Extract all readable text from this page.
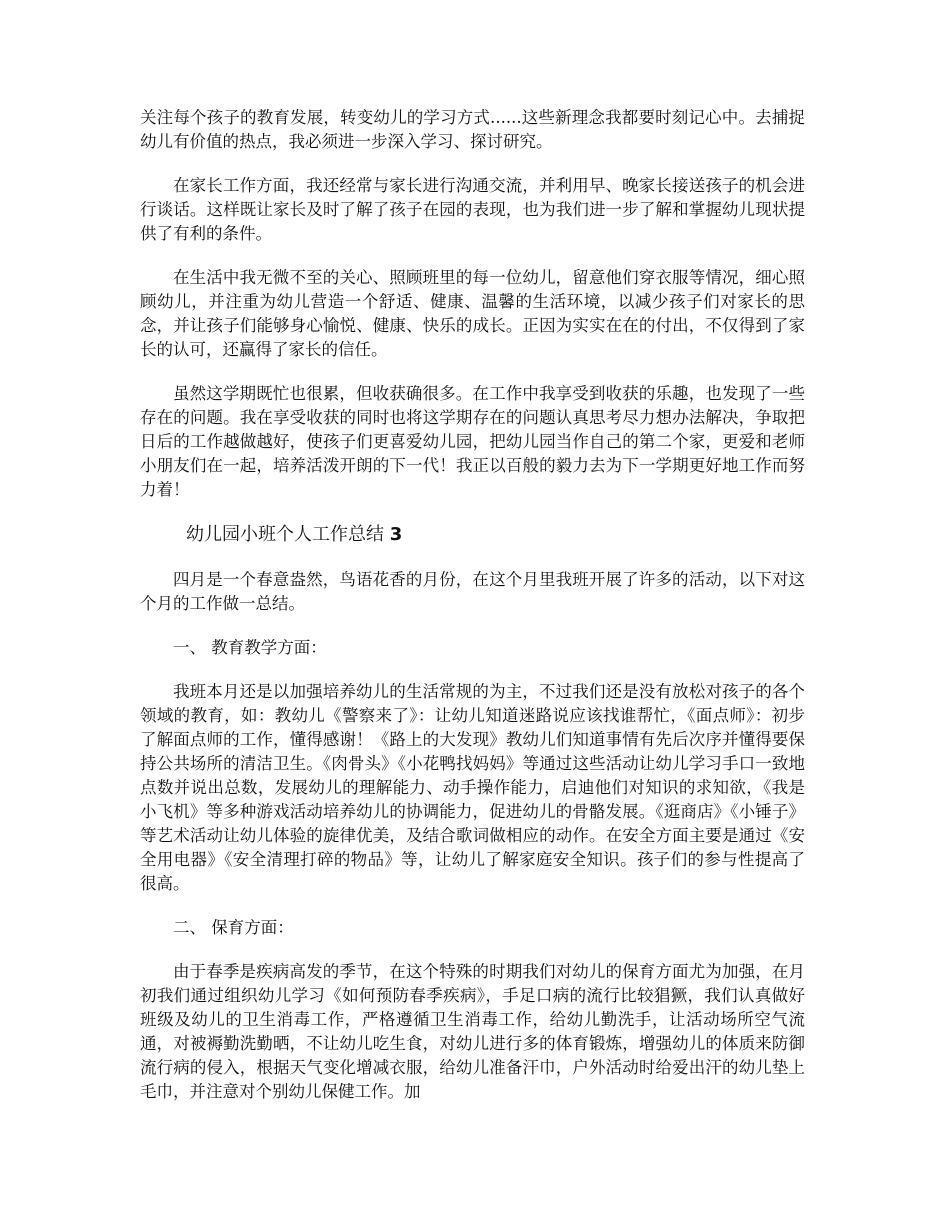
关注每个孩子的教育发展，转变幼儿的学习方式......这些新理念我都要时刻记心中。去捕捉幼儿有价值的热点，我必须进一步深入学习、探讨研究。

在家长工作方面，我还经常与家长进行沟通交流，并利用早、晚家长接送孩子的机会进行谈话。这样既让家长及时了解了孩子在园的表现，也为我们进一步了解和掌握幼儿现状提供了有利的条件。

在生活中我无微不至的关心、照顾班里的每一位幼儿，留意他们穿衣服等情况，细心照顾幼儿，并注重为幼儿营造一个舒适、健康、温馨的生活环境，以减少孩子们对家长的思念，并让孩子们能够身心愉悦、健康、快乐的成长。正因为实实在在的付出，不仅得到了家长的认可，还赢得了家长的信任。

虽然这学期既忙也很累，但收获确很多。在工作中我享受到收获的乐趣，也发现了一些存在的问题。我在享受收获的同时也将这学期存在的问题认真思考尽力想办法解决，争取把日后的工作越做越好，使孩子们更喜爱幼儿园，把幼儿园当作自己的第二个家，更爱和老师小朋友们在一起，培养活泼开朗的下一代！我正以百般的毅力去为下一学期更好地工作而努力着！

幼儿园小班个人工作总结 3

四月是一个春意盎然，鸟语花香的月份，在这个月里我班开展了许多的活动，以下对这个月的工作做一总结。

一、 教育教学方面：

我班本月还是以加强培养幼儿的生活常规的为主，不过我们还是没有放松对孩子的各个领域的教育，如：教幼儿《警察来了》：让幼儿知道迷路说应该找谁帮忙，《面点师》：初步了解面点师的工作，懂得感谢！《路上的大发现》教幼儿们知道事情有先后次序并懂得要保持公共场所的清洁卫生。《肉骨头》《小花鸭找妈妈》等通过这些活动让幼儿学习手口一致地点数并说出总数，发展幼儿的理解能力、动手操作能力，启迪他们对知识的求知欲，《我是小飞机》等多种游戏活动培养幼儿的协调能力，促进幼儿的骨骼发展。《逛商店》《小锤子》等艺术活动让幼儿体验的旋律优美，及结合歌词做相应的动作。在安全方面主要是通过《安全用电器》《安全清理打碎的物品》等，让幼儿了解家庭安全知识。孩子们的参与性提高了很高。

二、 保育方面：

由于春季是疾病高发的季节，在这个特殊的时期我们对幼儿的保育方面尤为加强，在月初我们通过组织幼儿学习《如何预防春季疾病》，手足口病的流行比较猖獗，我们认真做好班级及幼儿的卫生消毒工作，严格遵循卫生消毒工作，给幼儿勤洗手，让活动场所空气流通，对被褥勤洗勤晒，不让幼儿吃生食，对幼儿进行多的体育锻炼，增强幼儿的体质来防御流行病的侵入，根据天气变化增减衣服，给幼儿准备汗巾，户外活动时给爱出汗的幼儿垫上毛巾，并注意对个别幼儿保健工作。加
